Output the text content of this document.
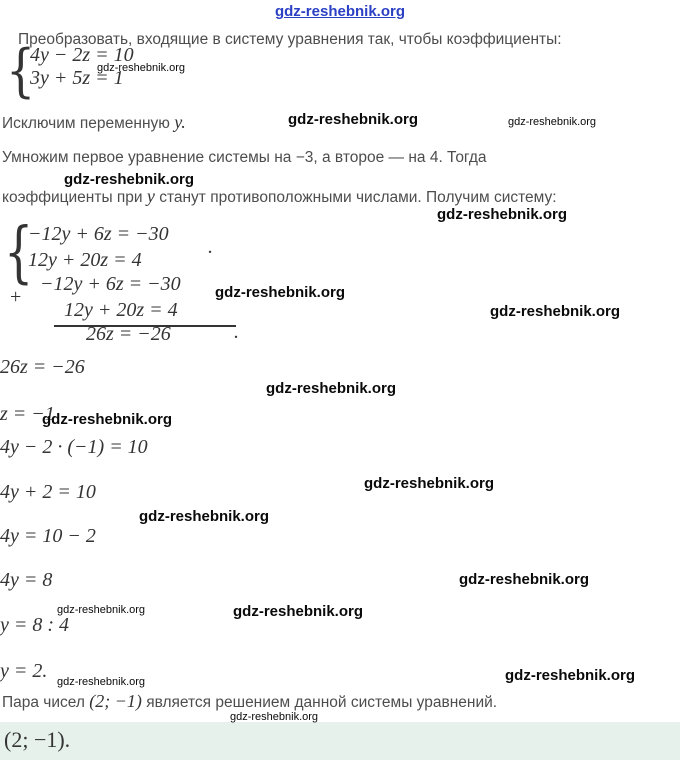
gdz-reshebnik.org
Преобразовать, входящие в систему уравнения так, чтобы коэффициенты:
{
4y − 2z = 10
3y + 5z = 1
Исключим переменную y.
Умножим первое уравнение системы на −3, а второе — на 4. Тогда
коэффициенты при y станут противоположными числами. Получим систему:
{
−12y + 6z = −30
12y + 20z = 4
.
+
−12y + 6z = −30
12y + 20z = 4
26z = −26	.
26z = −26
z = −1
4y − 2 · (−1) = 10
4y + 2 = 10
4y = 10 − 2
4y = 8
y = 8 : 4
y = 2.
Пара чисел (2; −1) является решением данной системы уравнений.
(2; −1).
gdz-reshebnik.org
gdz-reshebnik.org	gdz-reshebnik.org
gdz-reshebnik.org
gdz-reshebnik.org
gdz-reshebnik.org
gdz-reshebnik.org
gdz-reshebnik.org
gdz-reshebnik.org
gdz-reshebnik.org
gdz-reshebnik.org
gdz-reshebnik.org
gdz-reshebnik.org	gdz-reshebnik.org
gdz-reshebnik.org
gdz-reshebnik.org
gdz-reshebnik.org
